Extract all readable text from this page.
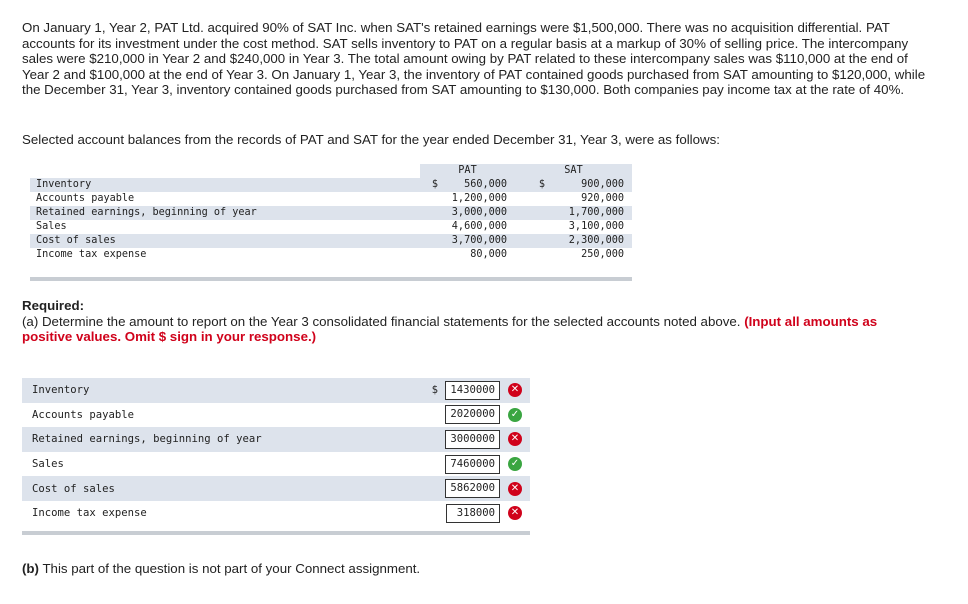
On January 1, Year 2, PAT Ltd. acquired 90% of SAT Inc. when SAT's retained earnings were $1,500,000. There was no acquisition differential. PAT accounts for its investment under the cost method. SAT sells inventory to PAT on a regular basis at a markup of 30% of selling price. The intercompany sales were $210,000 in Year 2 and $240,000 in Year 3. The total amount owing by PAT related to these intercompany sales was $110,000 at the end of Year 2 and $100,000 at the end of Year 3. On January 1, Year 3, the inventory of PAT contained goods purchased from SAT amounting to $120,000, while the December 31, Year 3, inventory contained goods purchased from SAT amounting to $130,000. Both companies pay income tax at the rate of 40%.

Selected account balances from the records of PAT and SAT for the year ended December 31, Year 3, were as follows:

	PAT		SAT	
Inventory	$	560,000	$	900,000
Accounts payable		1,200,000		920,000
Retained earnings, beginning of year		3,000,000		1,700,000
Sales		4,600,000		3,100,000
Cost of sales		3,700,000		2,300,000
Income tax expense		80,000		250,000
Required:
(a) Determine the amount to report on the Year 3 consolidated financial statements for the selected accounts noted above. (Input all amounts as positive values. Omit $ sign in your response.)
Inventory	$	1430000	✕
Accounts payable		2020000	✓
Retained earnings, beginning of year		3000000	✕
Sales		7460000	✓
Cost of sales		5862000	✕
Income tax expense		318000	✕

(b) This part of the question is not part of your Connect assignment.
